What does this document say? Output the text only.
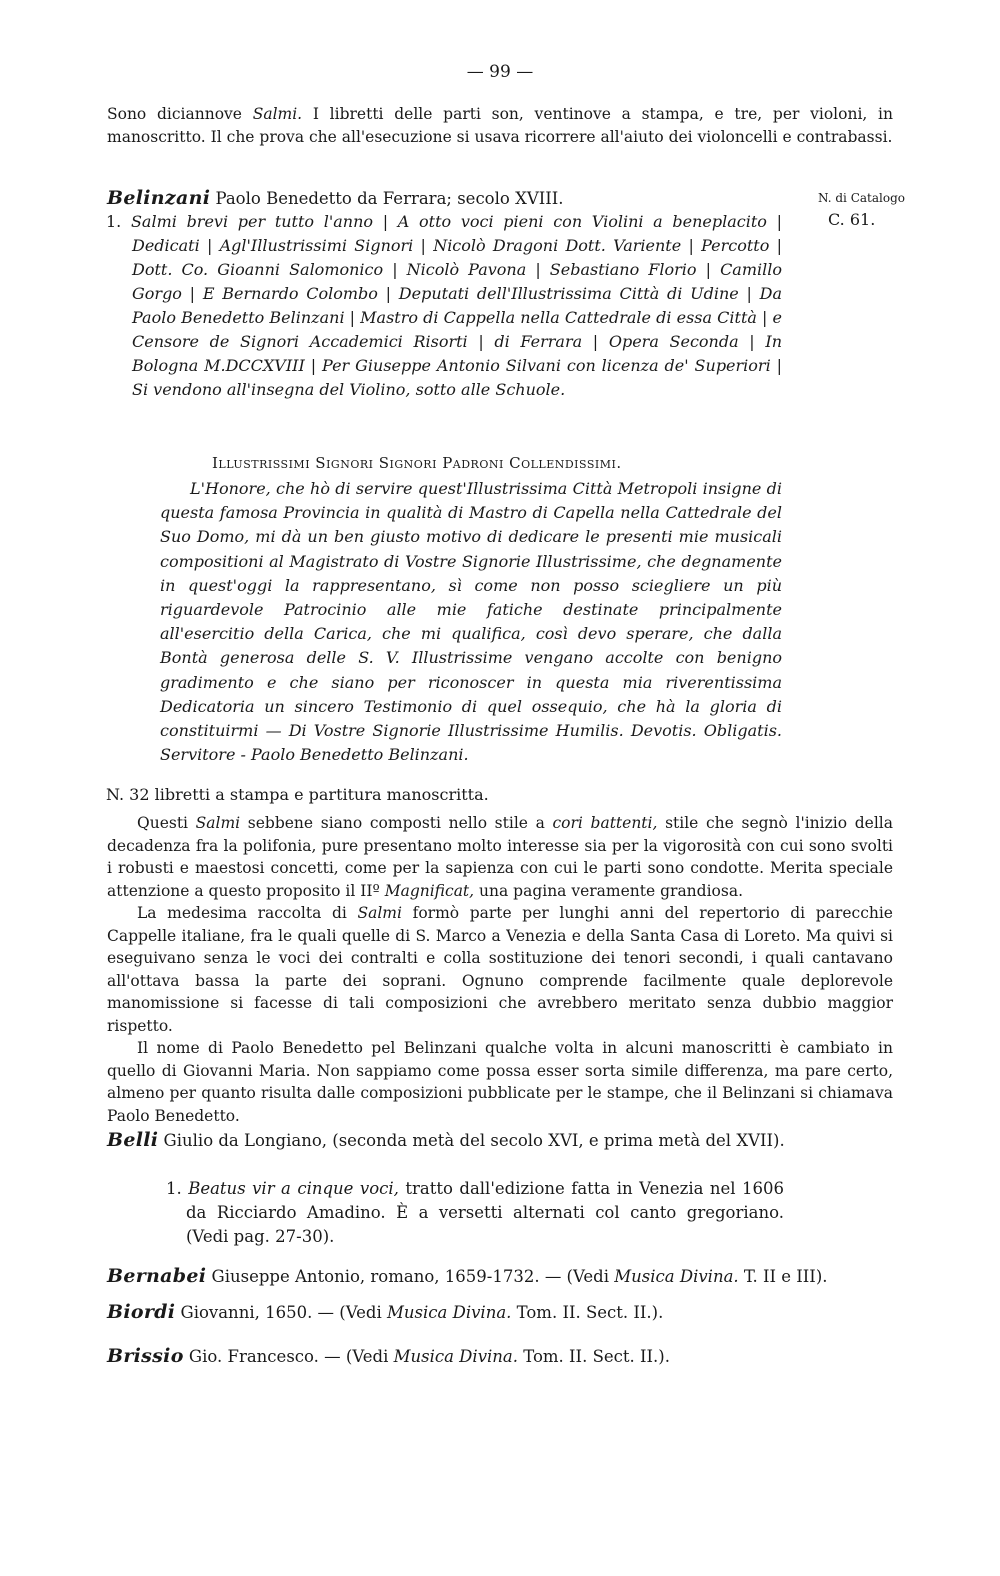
— 99 —

Sono diciannove Salmi. I libretti delle parti son, ventinove a stampa, e tre, per violoni, in manoscritto. Il che prova che all'esecuzione si usava ricorrere all'aiuto dei violoncelli e contrabassi.

Belinzani Paolo Benedetto da Ferrara; secolo XVIII.	N. di Catalogo
C. 61.

1. Salmi brevi per tutto l'anno | A otto voci pieni con Violini a beneplacito | Dedicati | Agl'Illustrissimi Signori | Nicolò Dragoni Dott. Variente | Percotto | Dott. Co. Gioanni Salomonico | Nicolò Pavona | Sebastiano Florio | Camillo Gorgo | E Bernardo Colombo | Deputati dell'Illustrissima Città di Udine | Da Paolo Benedetto Belinzani | Mastro di Cappella nella Cattedrale di essa Città | e Censore de Signori Accademici Risorti | di Ferrara | Opera Seconda | In Bologna M.DCCXVIII | Per Giuseppe Antonio Silvani con licenza de' Superiori | Si vendono all'insegna del Violino, sotto alle Schuole.

Illustrissimi Signori Signori Padroni Collendissimi.

L'Honore, che hò di servire quest'Illustrissima Città Metropoli insigne di questa famosa Provincia in qualità di Mastro di Capella nella Cattedrale del Suo Domo, mi dà un ben giusto motivo di dedicare le presenti mie musicali compositioni al Magistrato di Vostre Signorie Illustrissime, che degnamente in quest'oggi la rappresentano, sì come non posso sciegliere un più riguardevole Patrocinio alle mie fatiche destinate principalmente all'esercitio della Carica, che mi qualifica, così devo sperare, che dalla Bontà generosa delle S. V. Illustrissime vengano accolte con benigno gradimento e che siano per riconoscer in questa mia riverentissima Dedicatoria un sincero Testimonio di quel ossequio, che hà la gloria di constituirmi — Di Vostre Signorie Illustrissime Humilis. Devotis. Obligatis. Servitore - Paolo Benedetto Belinzani.

N. 32 libretti a stampa e partitura manoscritta.

Questi Salmi sebbene siano composti nello stile a cori battenti, stile che segnò l'inizio della decadenza fra la polifonia, pure presentano molto interesse sia per la vigorosità con cui sono svolti i robusti e maestosi concetti, come per la sapienza con cui le parti sono condotte. Merita speciale attenzione a questo proposito il IIº Magnificat, una pagina veramente grandiosa.

La medesima raccolta di Salmi formò parte per lunghi anni del repertorio di parecchie Cappelle italiane, fra le quali quelle di S. Marco a Venezia e della Santa Casa di Loreto. Ma quivi si eseguivano senza le voci dei contralti e colla sostituzione dei tenori secondi, i quali cantavano all'ottava bassa la parte dei soprani. Ognuno comprende facilmente quale deplorevole manomissione si facesse di tali composizioni che avrebbero meritato senza dubbio maggior rispetto.

Il nome di Paolo Benedetto pel Belinzani qualche volta in alcuni manoscritti è cambiato in quello di Giovanni Maria. Non sappiamo come possa esser sorta simile differenza, ma pare certo, almeno per quanto risulta dalle composizioni pubblicate per le stampe, che il Belinzani si chiamava Paolo Benedetto.

Belli Giulio da Longiano, (seconda metà del secolo XVI, e prima metà del XVII).

1. Beatus vir a cinque voci, tratto dall'edizione fatta in Venezia nel 1606 da Ricciardo Amadino. È a versetti alternati col canto gregoriano. (Vedi pag. 27-30).

Bernabei Giuseppe Antonio, romano, 1659-1732. — (Vedi Musica Divina. T. II e III).
Biordi Giovanni, 1650. — (Vedi Musica Divina. Tom. II. Sect. II.).
Brissio Gio. Francesco. — (Vedi Musica Divina. Tom. II. Sect. II.).
